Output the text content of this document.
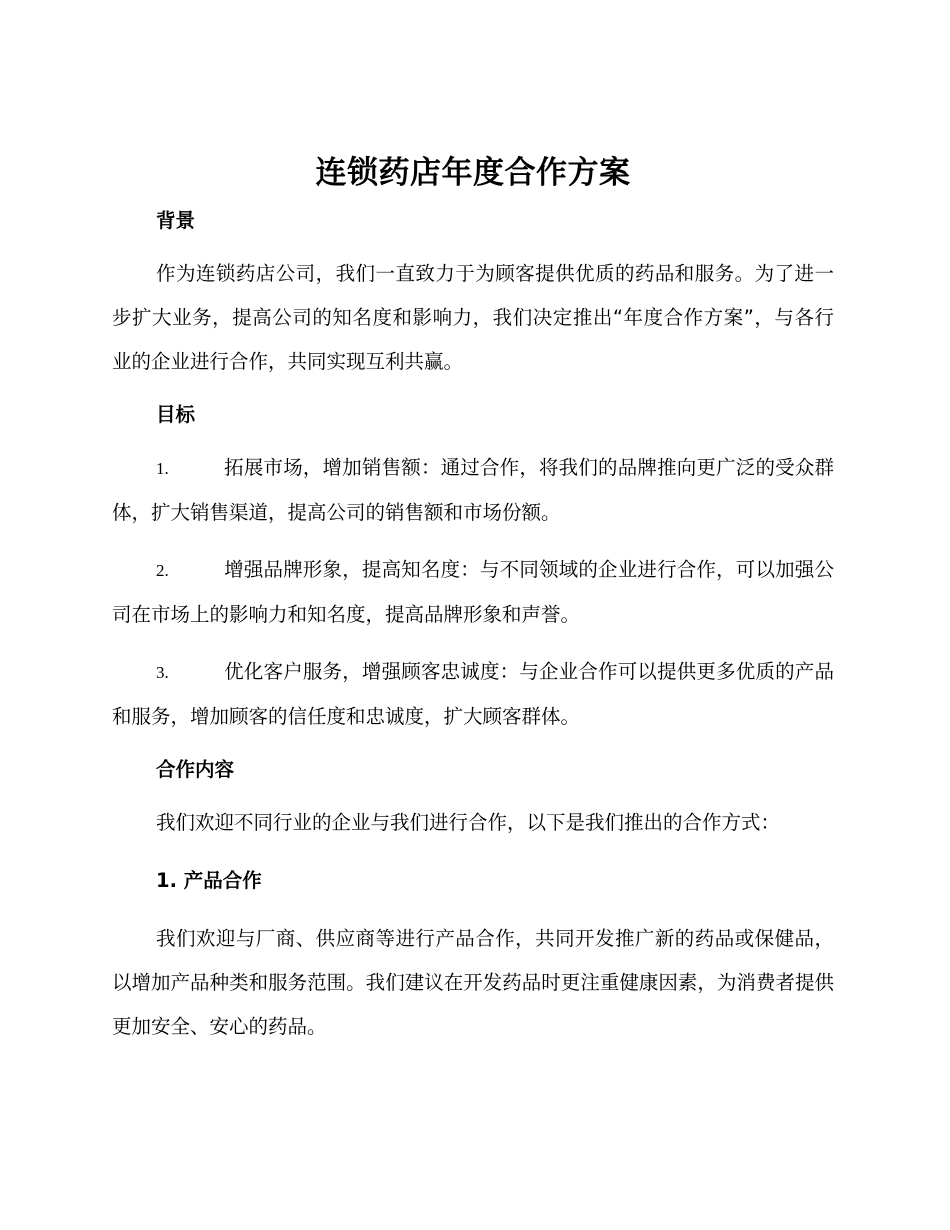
连锁药店年度合作方案
背景

作为连锁药店公司，我们一直致力于为顾客提供优质的药品和服务。为了进一步扩大业务，提高公司的知名度和影响力，我们决定推出“年度合作方案”，与各行业的企业进行合作，共同实现互利共赢。

目标

1.	拓展市场，增加销售额：通过合作，将我们的品牌推向更广泛的受众群体，扩大销售渠道，提高公司的销售额和市场份额。

2.	增强品牌形象，提高知名度：与不同领域的企业进行合作，可以加强公司在市场上的影响力和知名度，提高品牌形象和声誉。

3.	优化客户服务，增强顾客忠诚度：与企业合作可以提供更多优质的产品和服务，增加顾客的信任度和忠诚度，扩大顾客群体。

合作内容

我们欢迎不同行业的企业与我们进行合作，以下是我们推出的合作方式：

1. 产品合作

我们欢迎与厂商、供应商等进行产品合作，共同开发推广新的药品或保健品，以增加产品种类和服务范围。我们建议在开发药品时更注重健康因素，为消费者提供更加安全、安心的药品。
